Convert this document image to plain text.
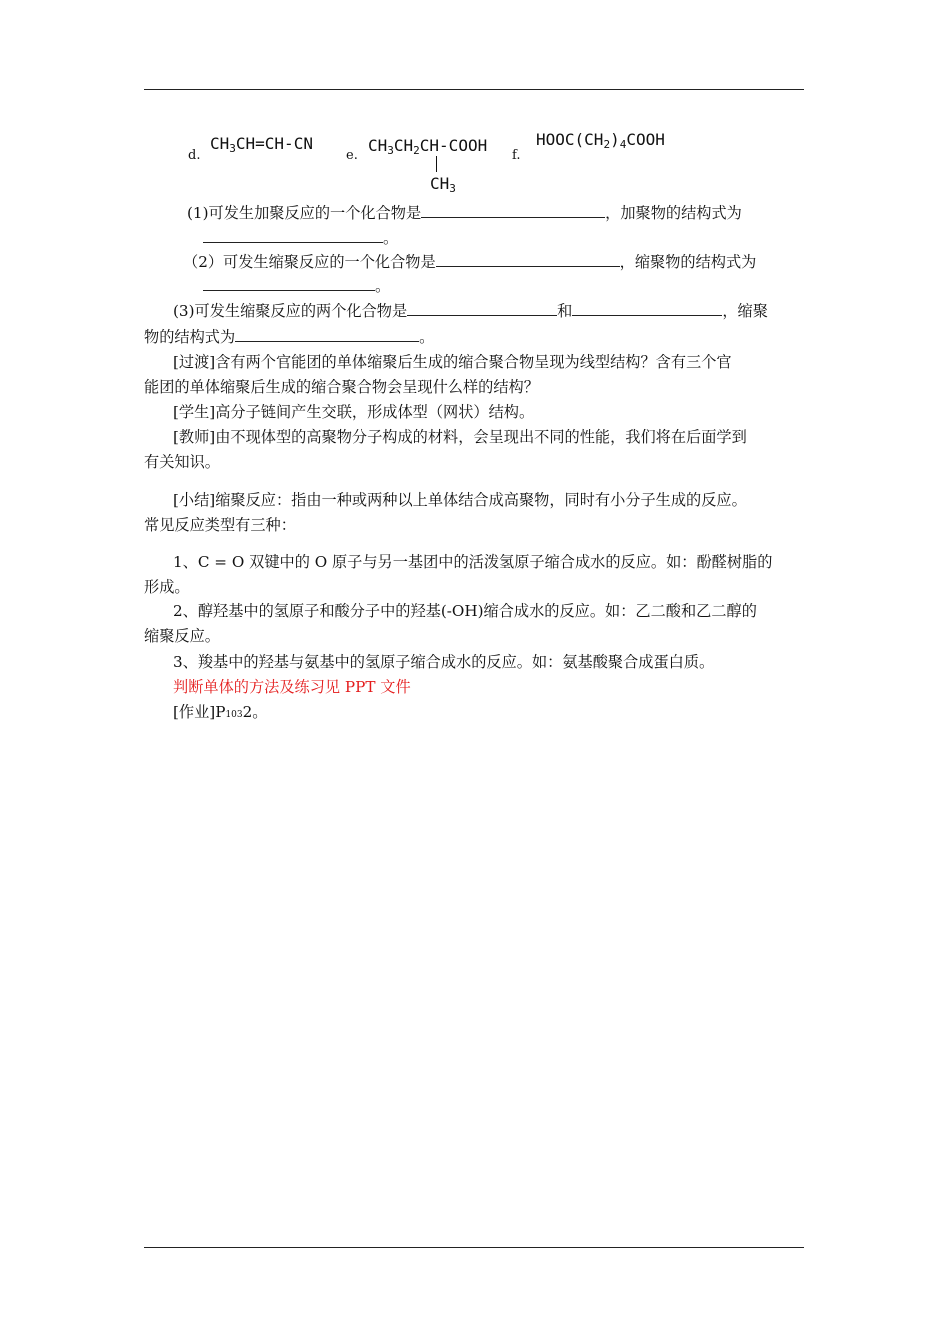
d.
$CH_3CH=CH-CN$
e.
$CH_3CH_2CH$-COOH
$CH_3$
f.
$HOOC(CH_2)_4COOH$
(1)可发生加聚反应的一个化合物是	，加聚物的结构式为
。
（2）可发生缩聚反应的一个化合物是	，缩聚物的结构式为
。
(3)可发生缩聚反应的两个化合物是	和	，缩聚
物的结构式为	。
[过渡]含有两个官能团的单体缩聚后生成的缩合聚合物呈现为线型结构？含有三个官
能团的单体缩聚后生成的缩合聚合物会呈现什么样的结构？
[学生]高分子链间产生交联，形成体型（网状）结构。
[教师]由不现体型的高聚物分子构成的材料，会呈现出不同的性能，我们将在后面学到
有关知识。
[小结]缩聚反应：指由一种或两种以上单体结合成高聚物，同时有小分子生成的反应。
常见反应类型有三种：
1、C = O 双键中的 O 原子与另一基团中的活泼氢原子缩合成水的反应。如：酚醛树脂的
形成。
2、醇羟基中的氢原子和酸分子中的羟基(-OH)缩合成水的反应。如：乙二酸和乙二醇的
缩聚反应。
3、羧基中的羟基与氨基中的氢原子缩合成水的反应。如：氨基酸聚合成蛋白质。
判断单体的方法及练习见 PPT 文件
[作业]P1032。
